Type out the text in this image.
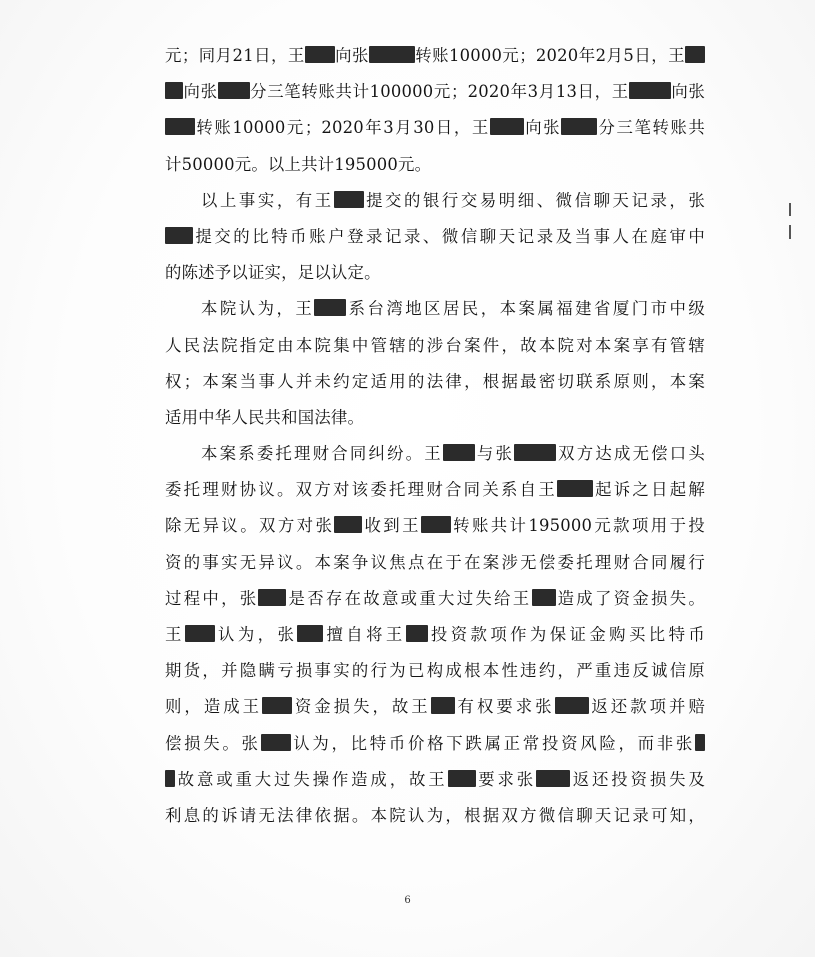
元；同月21日，王 向张	转账10000元；2020年2月5日，王
向张 分三笔转账共计100000元；2020年3月13日，王	向张
转账10000元；2020年3月30日，王 向张 分三笔转账共
计50000元。以上共计195000元。
以上事实，有王 提交的银行交易明细、微信聊天记录，张
提交的比特币账户登录记录、微信聊天记录及当事人在庭审中
的陈述予以证实，足以认定。
本院认为，王 系台湾地区居民，本案属福建省厦门市中级
人民法院指定由本院集中管辖的涉台案件，故本院对本案享有管辖
权；本案当事人并未约定适用的法律，根据最密切联系原则，本案
适用中华人民共和国法律。
本案系委托理财合同纠纷。王 与张	双方达成无偿口头
委托理财协议。双方对该委托理财合同关系自王 起诉之日起解
除无异议。双方对张 收到王 转账共计195000元款项用于投
资的事实无异议。本案争议焦点在于在案涉无偿委托理财合同履行
过程中，张 是否存在故意或重大过失给王 造成了资金损失。
王 认为，张 擅自将王 投资款项作为保证金购买比特币
期货，并隐瞒亏损事实的行为已构成根本性违约，严重违反诚信原
则，造成王 资金损失，故王 有权要求张 返还款项并赔
偿损失。张 认为，比特币价格下跌属正常投资风险，而非张
故意或重大过失操作造成，故王 要求张 返还投资损失及
利息的诉请无法律依据。本院认为，根据双方微信聊天记录可知，
6
